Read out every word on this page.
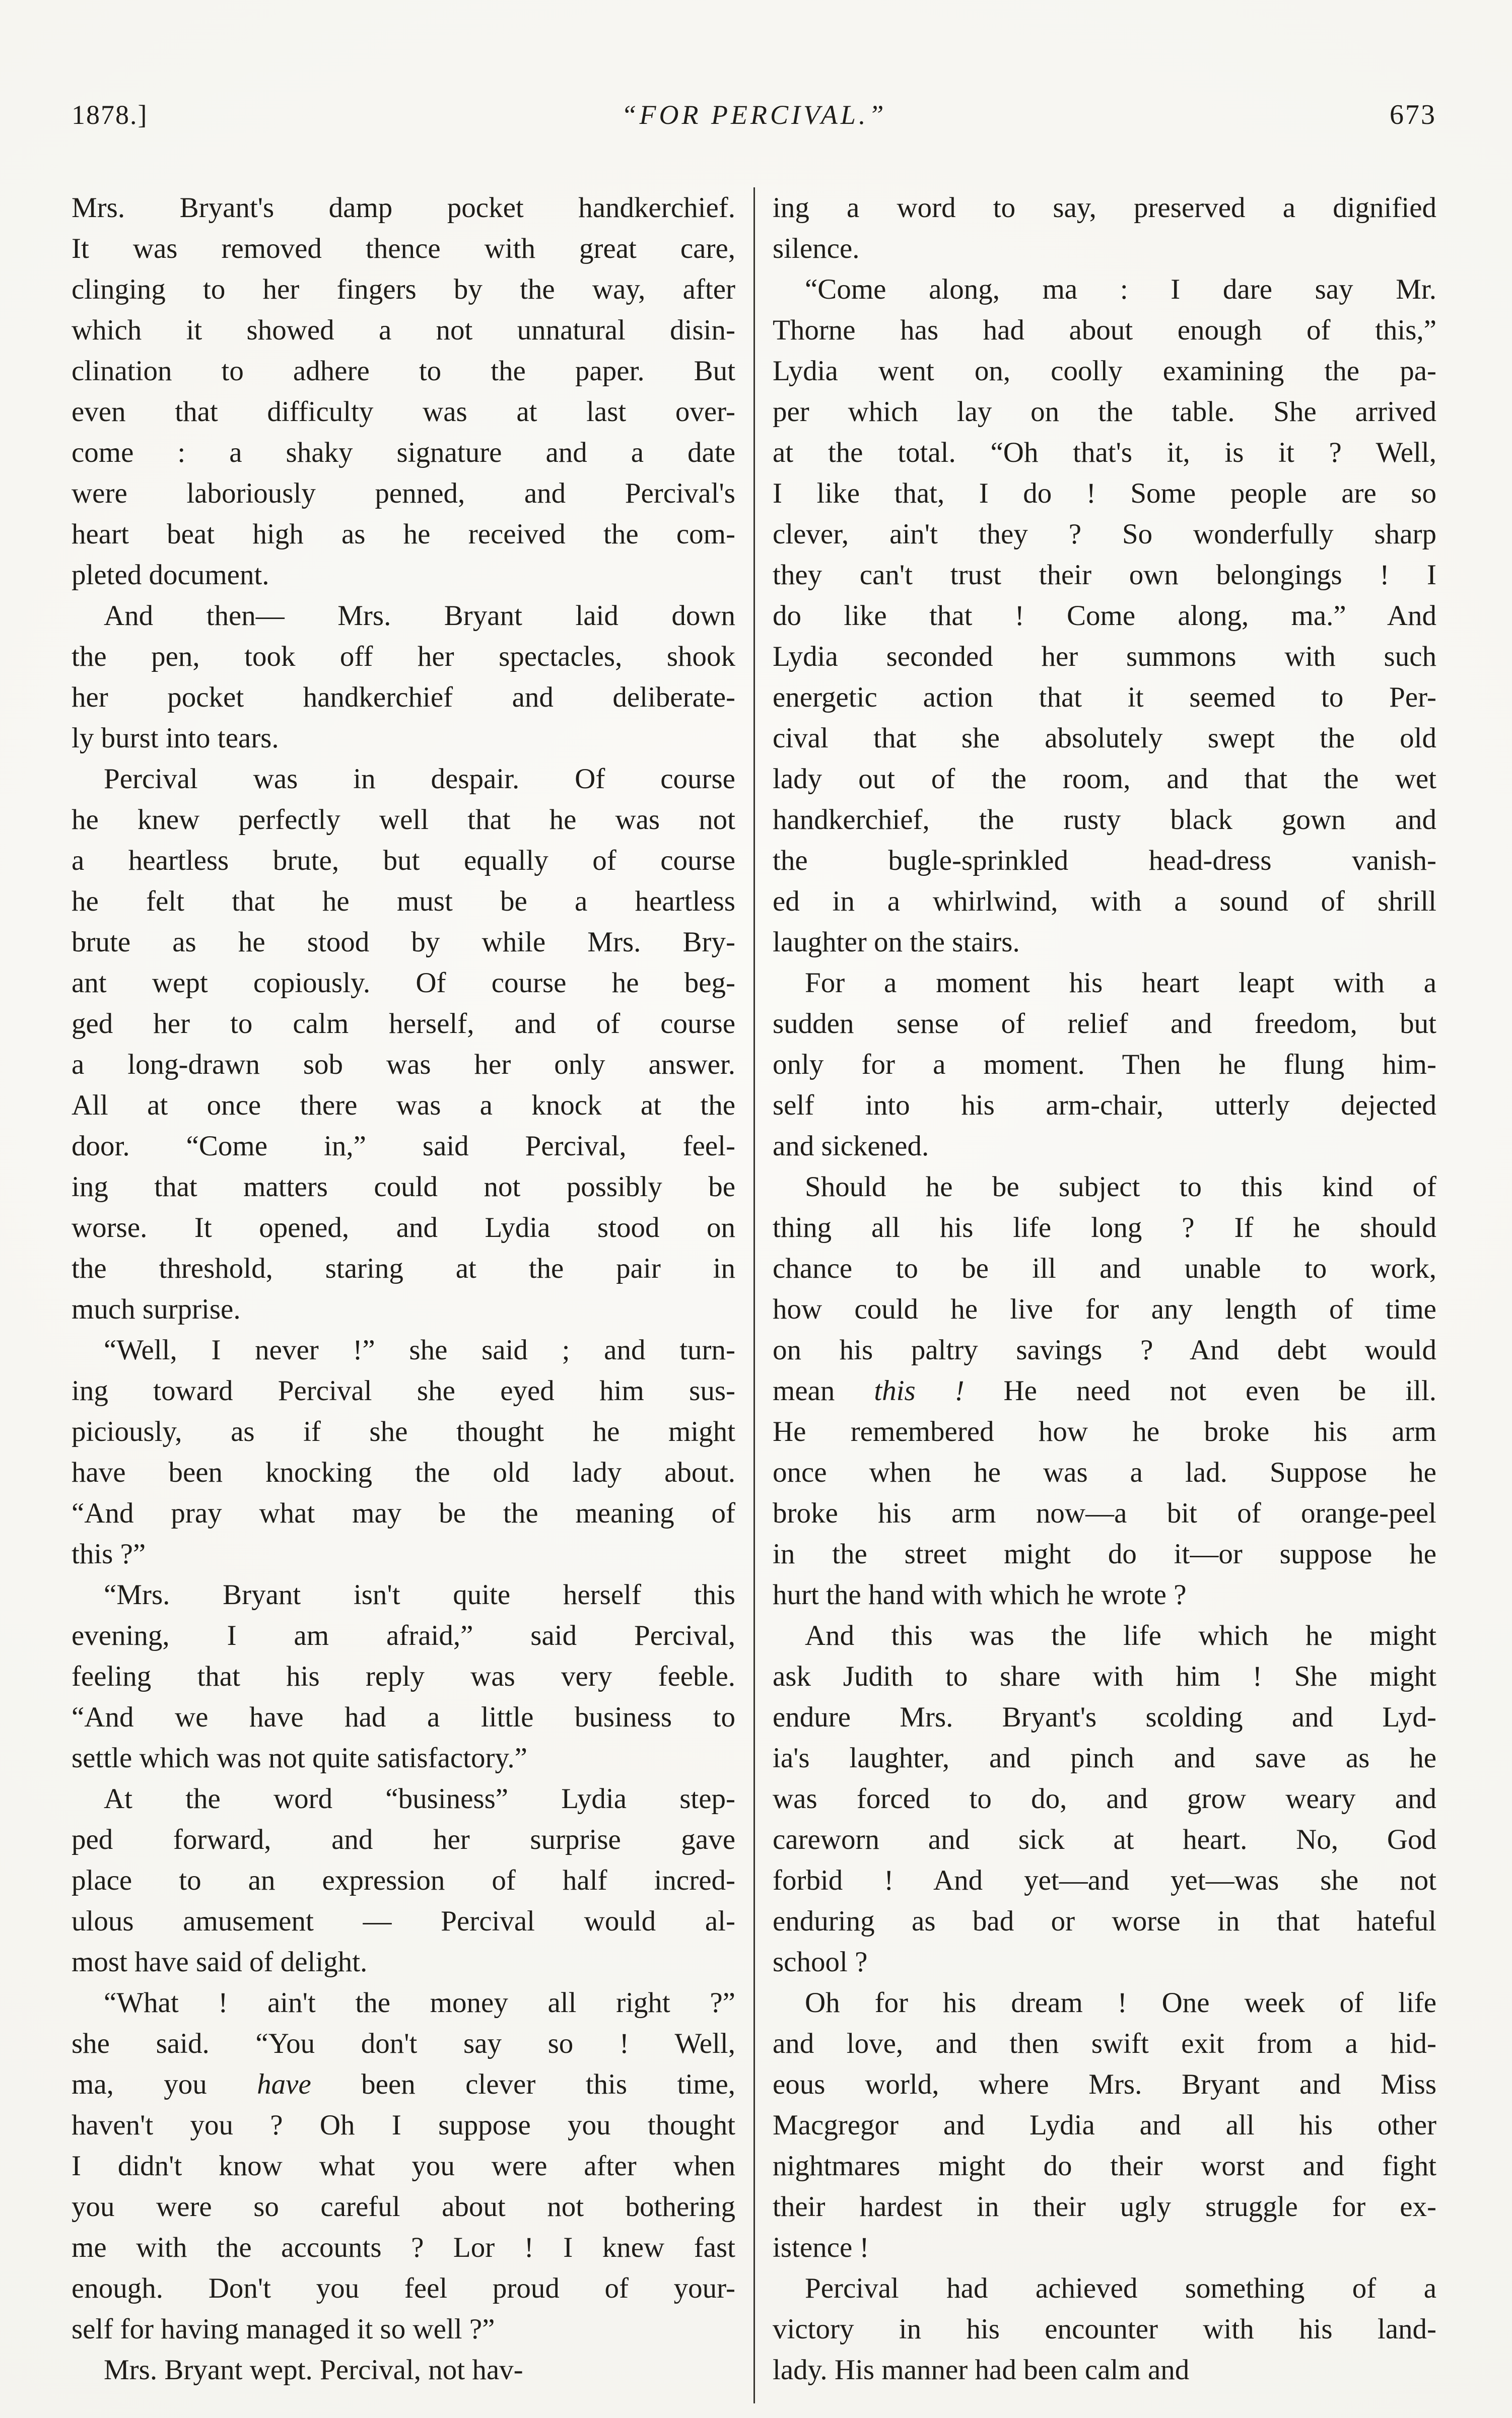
1878.]	“FOR PERCIVAL.”	673
Mrs. Bryant's damp pocket handkerchief.
It was removed thence with great care,
clinging to her fingers by the way, after
which it showed a not unnatural disin-
clination to adhere to the paper. But
even that difficulty was at last over-
come : a shaky signature and a date
were laboriously penned, and Percival's
heart beat high as he received the com-
pleted document.
And then— Mrs. Bryant laid down
the pen, took off her spectacles, shook
her pocket handkerchief and deliberate-
ly burst into tears.
Percival was in despair. Of course
he knew perfectly well that he was not
a heartless brute, but equally of course
he felt that he must be a heartless
brute as he stood by while Mrs. Bry-
ant wept copiously. Of course he beg-
ged her to calm herself, and of course
a long-drawn sob was her only answer.
All at once there was a knock at the
door. “Come in,” said Percival, feel-
ing that matters could not possibly be
worse. It opened, and Lydia stood on
the threshold, staring at the pair in
much surprise.
“Well, I never !” she said ; and turn-
ing toward Percival she eyed him sus-
piciously, as if she thought he might
have been knocking the old lady about.
“And pray what may be the meaning of
this ?”
“Mrs. Bryant isn't quite herself this
evening, I am afraid,” said Percival,
feeling that his reply was very feeble.
“And we have had a little business to
settle which was not quite satisfactory.”
At the word “business” Lydia step-
ped forward, and her surprise gave
place to an expression of half incred-
ulous amusement — Percival would al-
most have said of delight.
“What ! ain't the money all right ?”
she said. “You don't say so ! Well,
ma, you have been clever this time,
haven't you ? Oh I suppose you thought
I didn't know what you were after when
you were so careful about not bothering
me with the accounts ? Lor ! I knew fast
enough. Don't you feel proud of your-
self for having managed it so well ?”
Mrs. Bryant wept. Percival, not hav-
ing a word to say, preserved a dignified
silence.
“Come along, ma : I dare say Mr.
Thorne has had about enough of this,”
Lydia went on, coolly examining the pa-
per which lay on the table. She arrived
at the total. “Oh that's it, is it ? Well,
I like that, I do ! Some people are so
clever, ain't they ? So wonderfully sharp
they can't trust their own belongings ! I
do like that ! Come along, ma.” And
Lydia seconded her summons with such
energetic action that it seemed to Per-
cival that she absolutely swept the old
lady out of the room, and that the wet
handkerchief, the rusty black gown and
the bugle-sprinkled head-dress vanish-
ed in a whirlwind, with a sound of shrill
laughter on the stairs.
For a moment his heart leapt with a
sudden sense of relief and freedom, but
only for a moment. Then he flung him-
self into his arm-chair, utterly dejected
and sickened.
Should he be subject to this kind of
thing all his life long ? If he should
chance to be ill and unable to work,
how could he live for any length of time
on his paltry savings ? And debt would
mean this ! He need not even be ill.
He remembered how he broke his arm
once when he was a lad. Suppose he
broke his arm now—a bit of orange-peel
in the street might do it—or suppose he
hurt the hand with which he wrote ?
And this was the life which he might
ask Judith to share with him ! She might
endure Mrs. Bryant's scolding and Lyd-
ia's laughter, and pinch and save as he
was forced to do, and grow weary and
careworn and sick at heart. No, God
forbid ! And yet—and yet—was she not
enduring as bad or worse in that hateful
school ?
Oh for his dream ! One week of life
and love, and then swift exit from a hid-
eous world, where Mrs. Bryant and Miss
Macgregor and Lydia and all his other
nightmares might do their worst and fight
their hardest in their ugly struggle for ex-
istence !
Percival had achieved something of a
victory in his encounter with his land-
lady. His manner had been calm and
